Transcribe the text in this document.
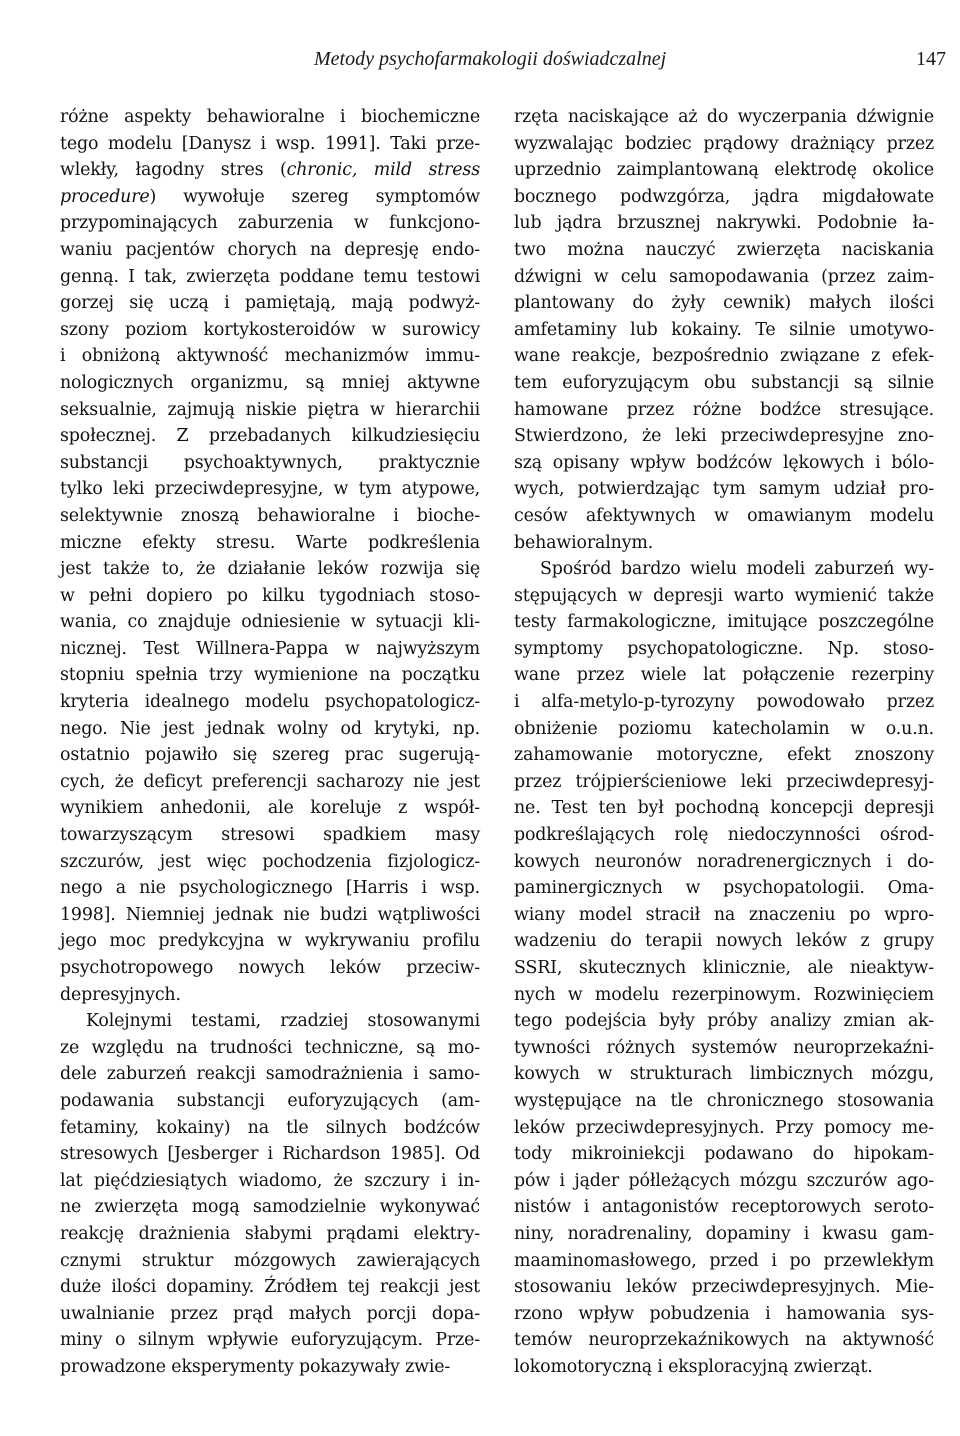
Metody psychofarmakologii doświadczalnej	147
różne aspekty behawioralne i biochemiczne
tego modelu [Danysz i wsp. 1991]. Taki prze-
wlekły, łagodny stres (chronic, mild stress
procedure) wywołuje szereg symptomów
przypominających zaburzenia w funkcjono-
waniu pacjentów chorych na depresję endo-
genną. I tak, zwierzęta poddane temu testowi
gorzej się uczą i pamiętają, mają podwyż-
szony poziom kortykosteroidów w surowicy
i obniżoną aktywność mechanizmów immu-
nologicznych organizmu, są mniej aktywne
seksualnie, zajmują niskie piętra w hierarchii
społecznej. Z przebadanych kilkudziesięciu
substancji psychoaktywnych, praktycznie
tylko leki przeciwdepresyjne, w tym atypowe,
selektywnie znoszą behawioralne i bioche-
miczne efekty stresu. Warte podkreślenia
jest także to, że działanie leków rozwija się
w pełni dopiero po kilku tygodniach stoso-
wania, co znajduje odniesienie w sytuacji kli-
nicznej. Test Willnera-Pappa w najwyższym
stopniu spełnia trzy wymienione na początku
kryteria idealnego modelu psychopatologicz-
nego. Nie jest jednak wolny od krytyki, np.
ostatnio pojawiło się szereg prac sugerują-
cych, że deficyt preferencji sacharozy nie jest
wynikiem anhedonii, ale koreluje z współ-
towarzyszącym stresowi spadkiem masy
szczurów, jest więc pochodzenia fizjologicz-
nego a nie psychologicznego [Harris i wsp.
1998]. Niemniej jednak nie budzi wątpliwości
jego moc predykcyjna w wykrywaniu profilu
psychotropowego nowych leków przeciw-
depresyjnych.
Kolejnymi testami, rzadziej stosowanymi
ze względu na trudności techniczne, są mo-
dele zaburzeń reakcji samodrażnienia i samo-
podawania substancji euforyzujących (am-
fetaminy, kokainy) na tle silnych bodźców
stresowych [Jesberger i Richardson 1985]. Od
lat pięćdziesiątych wiadomo, że szczury i in-
ne zwierzęta mogą samodzielnie wykonywać
reakcję drażnienia słabymi prądami elektry-
cznymi struktur mózgowych zawierających
duże ilości dopaminy. Źródłem tej reakcji jest
uwalnianie przez prąd małych porcji dopa-
miny o silnym wpływie euforyzującym. Prze-
prowadzone eksperymenty pokazywały zwie-
rzęta naciskające aż do wyczerpania dźwignie
wyzwalając bodziec prądowy drażniący przez
uprzednio zaimplantowaną elektrodę okolice
bocznego podwzgórza, jądra migdałowate
lub jądra brzusznej nakrywki. Podobnie ła-
two można nauczyć zwierzęta naciskania
dźwigni w celu samopodawania (przez zaim-
plantowany do żyły cewnik) małych ilości
amfetaminy lub kokainy. Te silnie umotywo-
wane reakcje, bezpośrednio związane z efek-
tem euforyzującym obu substancji są silnie
hamowane przez różne bodźce stresujące.
Stwierdzono, że leki przeciwdepresyjne zno-
szą opisany wpływ bodźców lękowych i bólo-
wych, potwierdzając tym samym udział pro-
cesów afektywnych w omawianym modelu
behawioralnym.
Spośród bardzo wielu modeli zaburzeń wy-
stępujących w depresji warto wymienić także
testy farmakologiczne, imitujące poszczególne
symptomy psychopatologiczne. Np. stoso-
wane przez wiele lat połączenie rezerpiny
i alfa-metylo-p-tyrozyny powodowało przez
obniżenie poziomu katecholamin w o.u.n.
zahamowanie motoryczne, efekt znoszony
przez trójpierścieniowe leki przeciwdepresyj-
ne. Test ten był pochodną koncepcji depresji
podkreślających rolę niedoczynności ośrod-
kowych neuronów noradrenergicznych i do-
paminergicznych w psychopatologii. Oma-
wiany model stracił na znaczeniu po wpro-
wadzeniu do terapii nowych leków z grupy
SSRI, skutecznych klinicznie, ale nieaktyw-
nych w modelu rezerpinowym. Rozwinięciem
tego podejścia były próby analizy zmian ak-
tywności różnych systemów neuroprzekaźni-
kowych w strukturach limbicznych mózgu,
występujące na tle chronicznego stosowania
leków przeciwdepresyjnych. Przy pomocy me-
tody mikroiniekcji podawano do hipokam-
pów i jąder półleżących mózgu szczurów ago-
nistów i antagonistów receptorowych seroto-
niny, noradrenaliny, dopaminy i kwasu gam-
maaminomasłowego, przed i po przewlekłym
stosowaniu leków przeciwdepresyjnych. Mie-
rzono wpływ pobudzenia i hamowania sys-
temów neuroprzekaźnikowych na aktywność
lokomotoryczną i eksploracyjną zwierząt.
